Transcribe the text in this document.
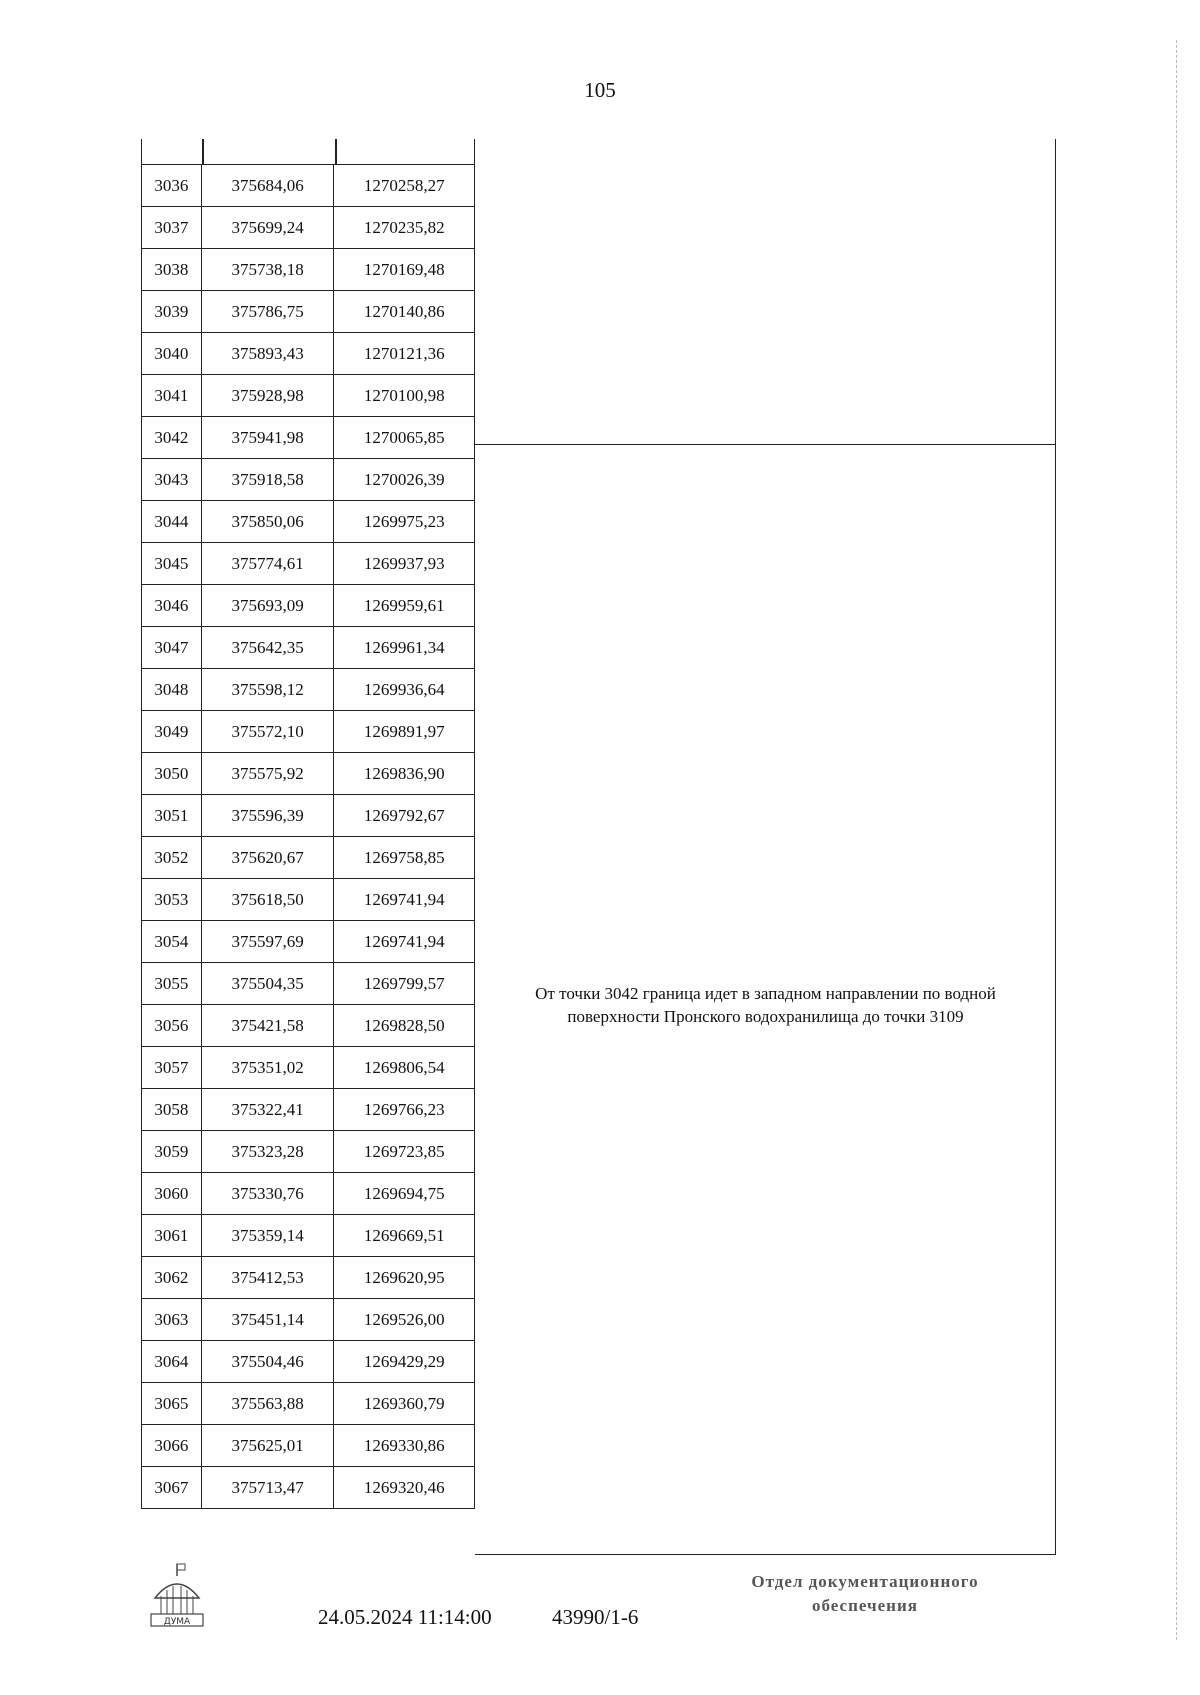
105
3036	375684,06	1270258,27
3037	375699,24	1270235,82
3038	375738,18	1270169,48
3039	375786,75	1270140,86
3040	375893,43	1270121,36
3041	375928,98	1270100,98
3042	375941,98	1270065,85
3043	375918,58	1270026,39
3044	375850,06	1269975,23
3045	375774,61	1269937,93
3046	375693,09	1269959,61
3047	375642,35	1269961,34
3048	375598,12	1269936,64
3049	375572,10	1269891,97
3050	375575,92	1269836,90
3051	375596,39	1269792,67
3052	375620,67	1269758,85
3053	375618,50	1269741,94
3054	375597,69	1269741,94
3055	375504,35	1269799,57
3056	375421,58	1269828,50
3057	375351,02	1269806,54
3058	375322,41	1269766,23
3059	375323,28	1269723,85
3060	375330,76	1269694,75
3061	375359,14	1269669,51
3062	375412,53	1269620,95
3063	375451,14	1269526,00
3064	375504,46	1269429,29
3065	375563,88	1269360,79
3066	375625,01	1269330,86
3067	375713,47	1269320,46
От точки 3042 граница идет в западном направлении по водной поверхности Пронского водохранилища до точки 3109
ДУМА	24.05.2024 11:14:00	43990/1-6
Отдел документационного
обеспечения
